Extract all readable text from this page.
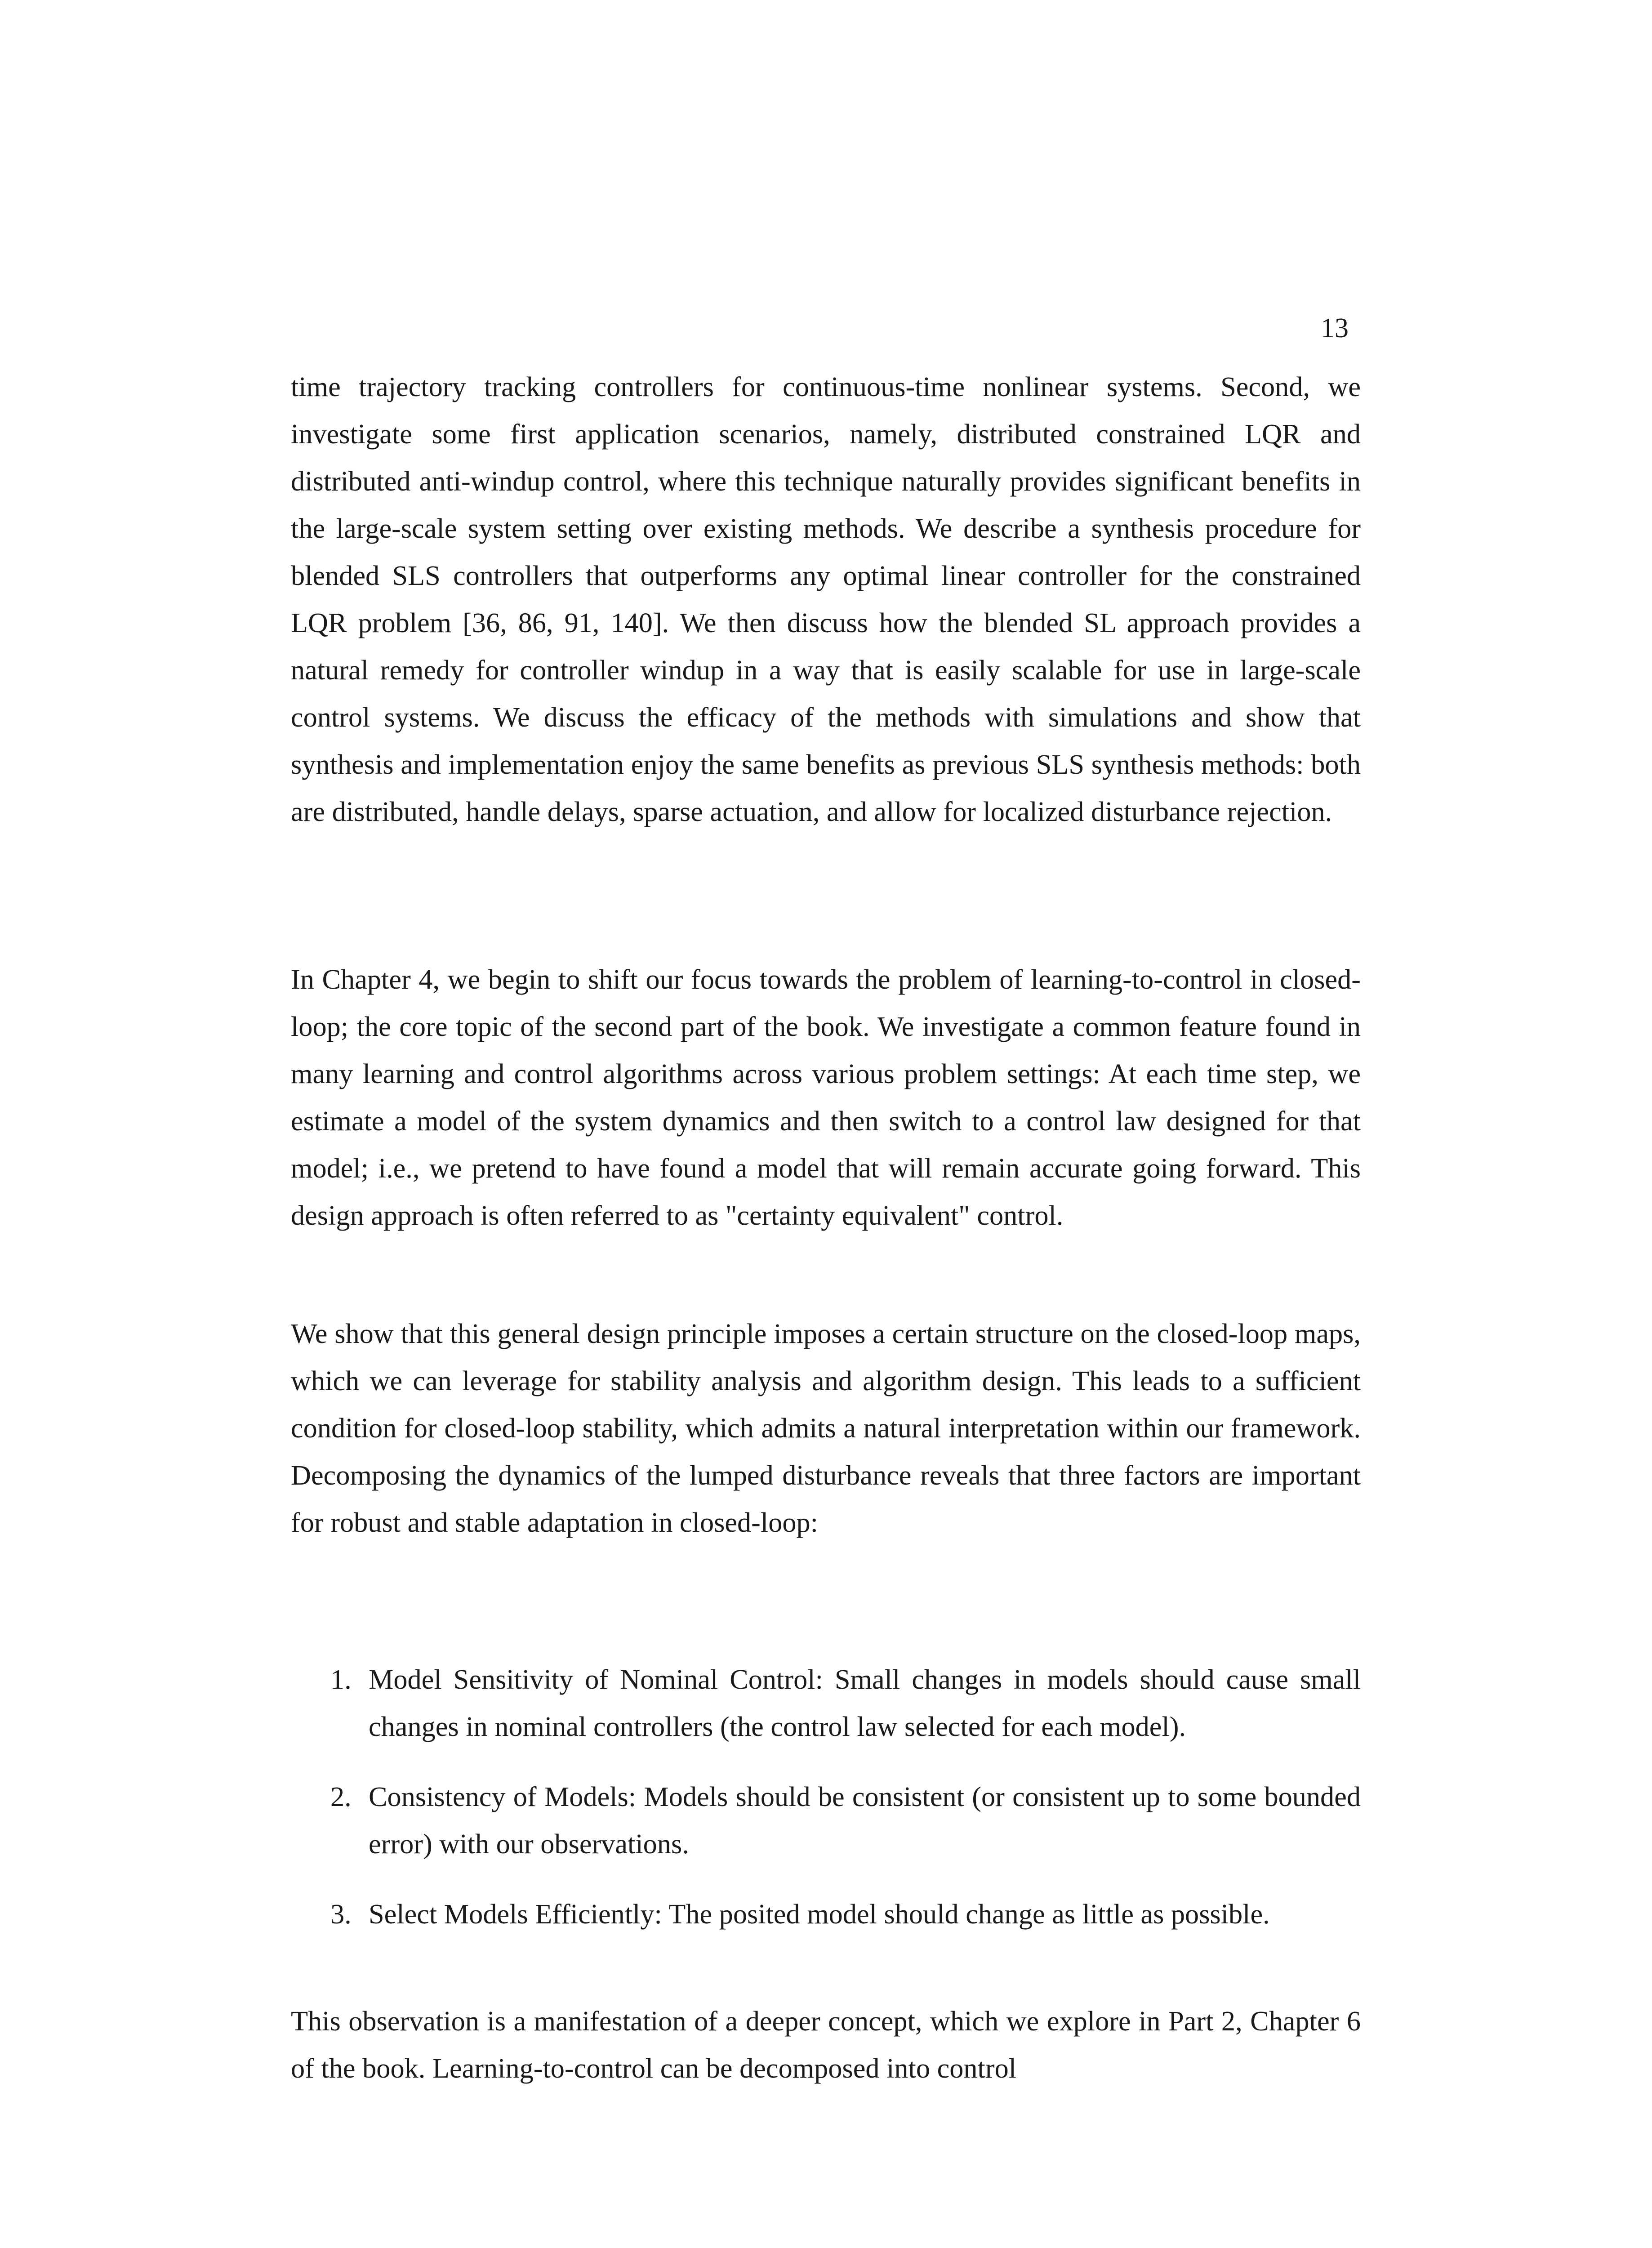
13

time trajectory tracking controllers for continuous-time nonlinear systems. Second, we investigate some first application scenarios, namely, distributed constrained LQR and distributed anti-windup control, where this technique naturally provides significant benefits in the large-scale system setting over existing methods. We describe a synthesis procedure for blended SLS controllers that outperforms any optimal linear controller for the constrained LQR problem [36, 86, 91, 140]. We then discuss how the blended SL approach provides a natural remedy for controller windup in a way that is easily scalable for use in large-scale control systems. We discuss the efficacy of the methods with simulations and show that synthesis and implementation enjoy the same benefits as previous SLS synthesis methods: both are distributed, handle delays, sparse actuation, and allow for localized disturbance rejection.

In Chapter 4, we begin to shift our focus towards the problem of learning-to-control in closed-loop; the core topic of the second part of the book. We investigate a common feature found in many learning and control algorithms across various problem settings: At each time step, we estimate a model of the system dynamics and then switch to a control law designed for that model; i.e., we pretend to have found a model that will remain accurate going forward. This design approach is often referred to as "certainty equivalent" control.

We show that this general design principle imposes a certain structure on the closed-loop maps, which we can leverage for stability analysis and algorithm design. This leads to a sufficient condition for closed-loop stability, which admits a natural interpretation within our framework. Decomposing the dynamics of the lumped disturbance reveals that three factors are important for robust and stable adaptation in closed-loop:

1. Model Sensitivity of Nominal Control: Small changes in models should cause small changes in nominal controllers (the control law selected for each model).
2. Consistency of Models: Models should be consistent (or consistent up to some bounded error) with our observations.
3. Select Models Efficiently: The posited model should change as little as possible.

This observation is a manifestation of a deeper concept, which we explore in Part 2, Chapter 6 of the book. Learning-to-control can be decomposed into control
